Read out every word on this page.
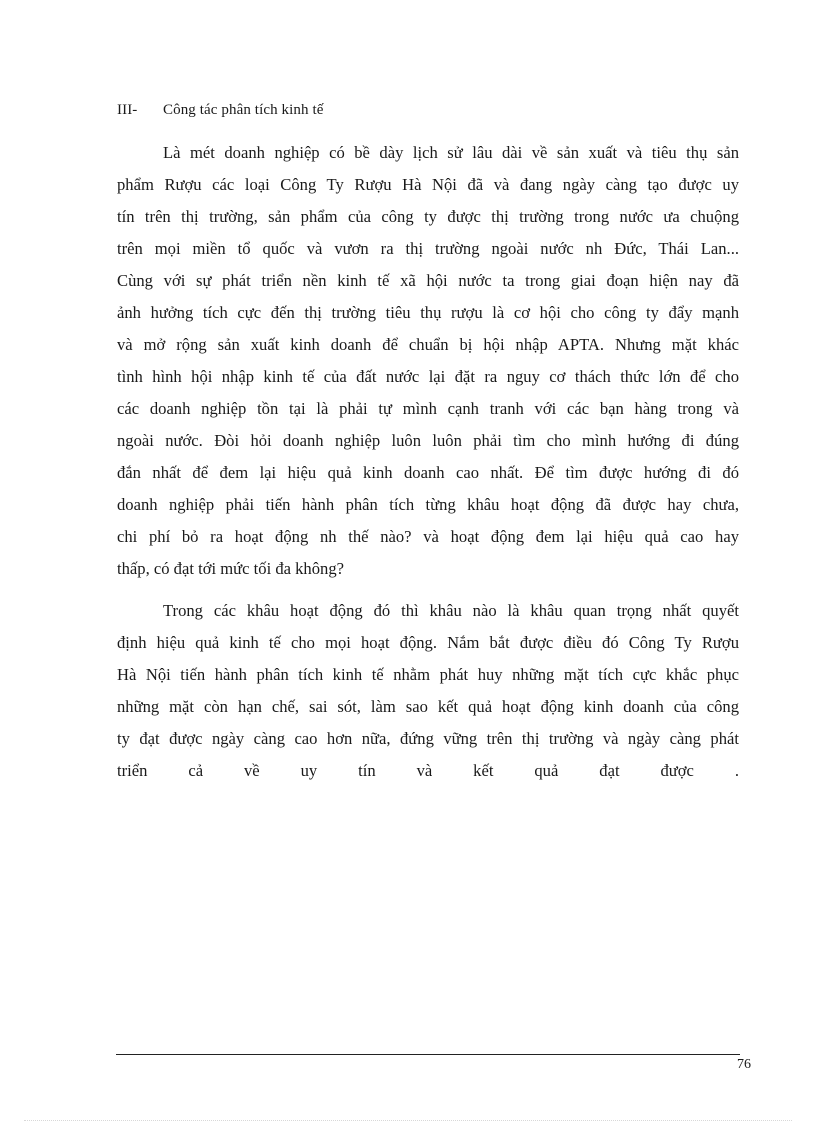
III- Công tác phân tích kinh tế
Là mét doanh nghiệp có bề dày lịch sử lâu dài về sản xuất và tiêu thụ sản
phẩm Rượu các loại Công Ty Rượu Hà Nội đã và đang ngày càng tạo được uy
tín trên thị trường, sản phẩm của công ty được thị trường trong nước ưa chuộng
trên mọi miền tổ quốc và vươn ra thị trường ngoài nước nh Đức, Thái Lan...
Cùng với sự phát triển nền kinh tế xã hội nước ta trong giai đoạn hiện nay đã
ảnh hưởng tích cực đến thị trường tiêu thụ rượu là cơ hội cho công ty đẩy mạnh
và mở rộng sản xuất kinh doanh để chuẩn bị hội nhập APTA. Nhưng mặt khác
tình hình hội nhập kinh tế của đất nước lại đặt ra nguy cơ thách thức lớn để cho
các doanh nghiệp tồn tại là phải tự mình cạnh tranh với các bạn hàng trong và
ngoài nước. Đòi hỏi doanh nghiệp luôn luôn phải tìm cho mình hướng đi đúng
đắn nhất để đem lại hiệu quả kinh doanh cao nhất. Để tìm được hướng đi đó
doanh nghiệp phải tiến hành phân tích từng khâu hoạt động đã được hay chưa,
chi phí bỏ ra hoạt động nh thế nào? và hoạt động đem lại hiệu quả cao hay
thấp, có đạt tới mức tối đa không?
Trong các khâu hoạt động đó thì khâu nào là khâu quan trọng nhất quyết
định hiệu quả kinh tế cho mọi hoạt động. Nắm bắt được điều đó Công Ty Rượu
Hà Nội tiến hành phân tích kinh tế nhằm phát huy những mặt tích cực khắc phục
những mặt còn hạn chế, sai sót, làm sao kết quả hoạt động kinh doanh của công
ty đạt được ngày càng cao hơn nữa, đứng vững trên thị trường và ngày càng phát
triển cả về uy tín và kết quả đạt được .
76
